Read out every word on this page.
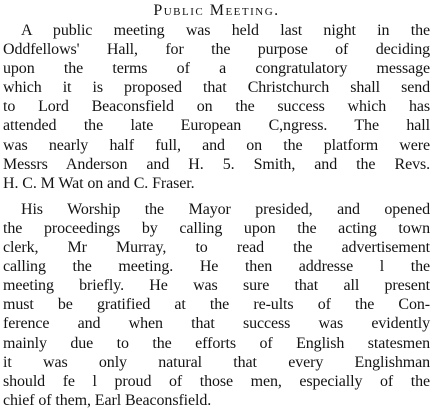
Public Meeting.
A public meeting was held last night in the
Oddfellows' Hall, for the purpose of deciding
upon the terms of a congratulatory message
which it is proposed that Christchurch shall send
to Lord Beaconsfield on the success which has
attended the late European C,ngress. The hall
was nearly half full, and on the platform were
Messrs Anderson and H. 5. Smith, and the Revs.
H. C. M Wat on and C. Fraser.
His Worship the Mayor presided, and opened
the proceedings by calling upon the acting town
clerk, Mr Murray, to read the advertisement
calling the meeting. He then addresse l the
meeting briefly. He was sure that all present
must be gratified at the re-ults of the Con-
ference and when that success was evidently
mainly due to the efforts of English statesmen
it was only natural that every Englishman
should fe l proud of those men, especially of the
chief of them, Earl Beaconsfield.
